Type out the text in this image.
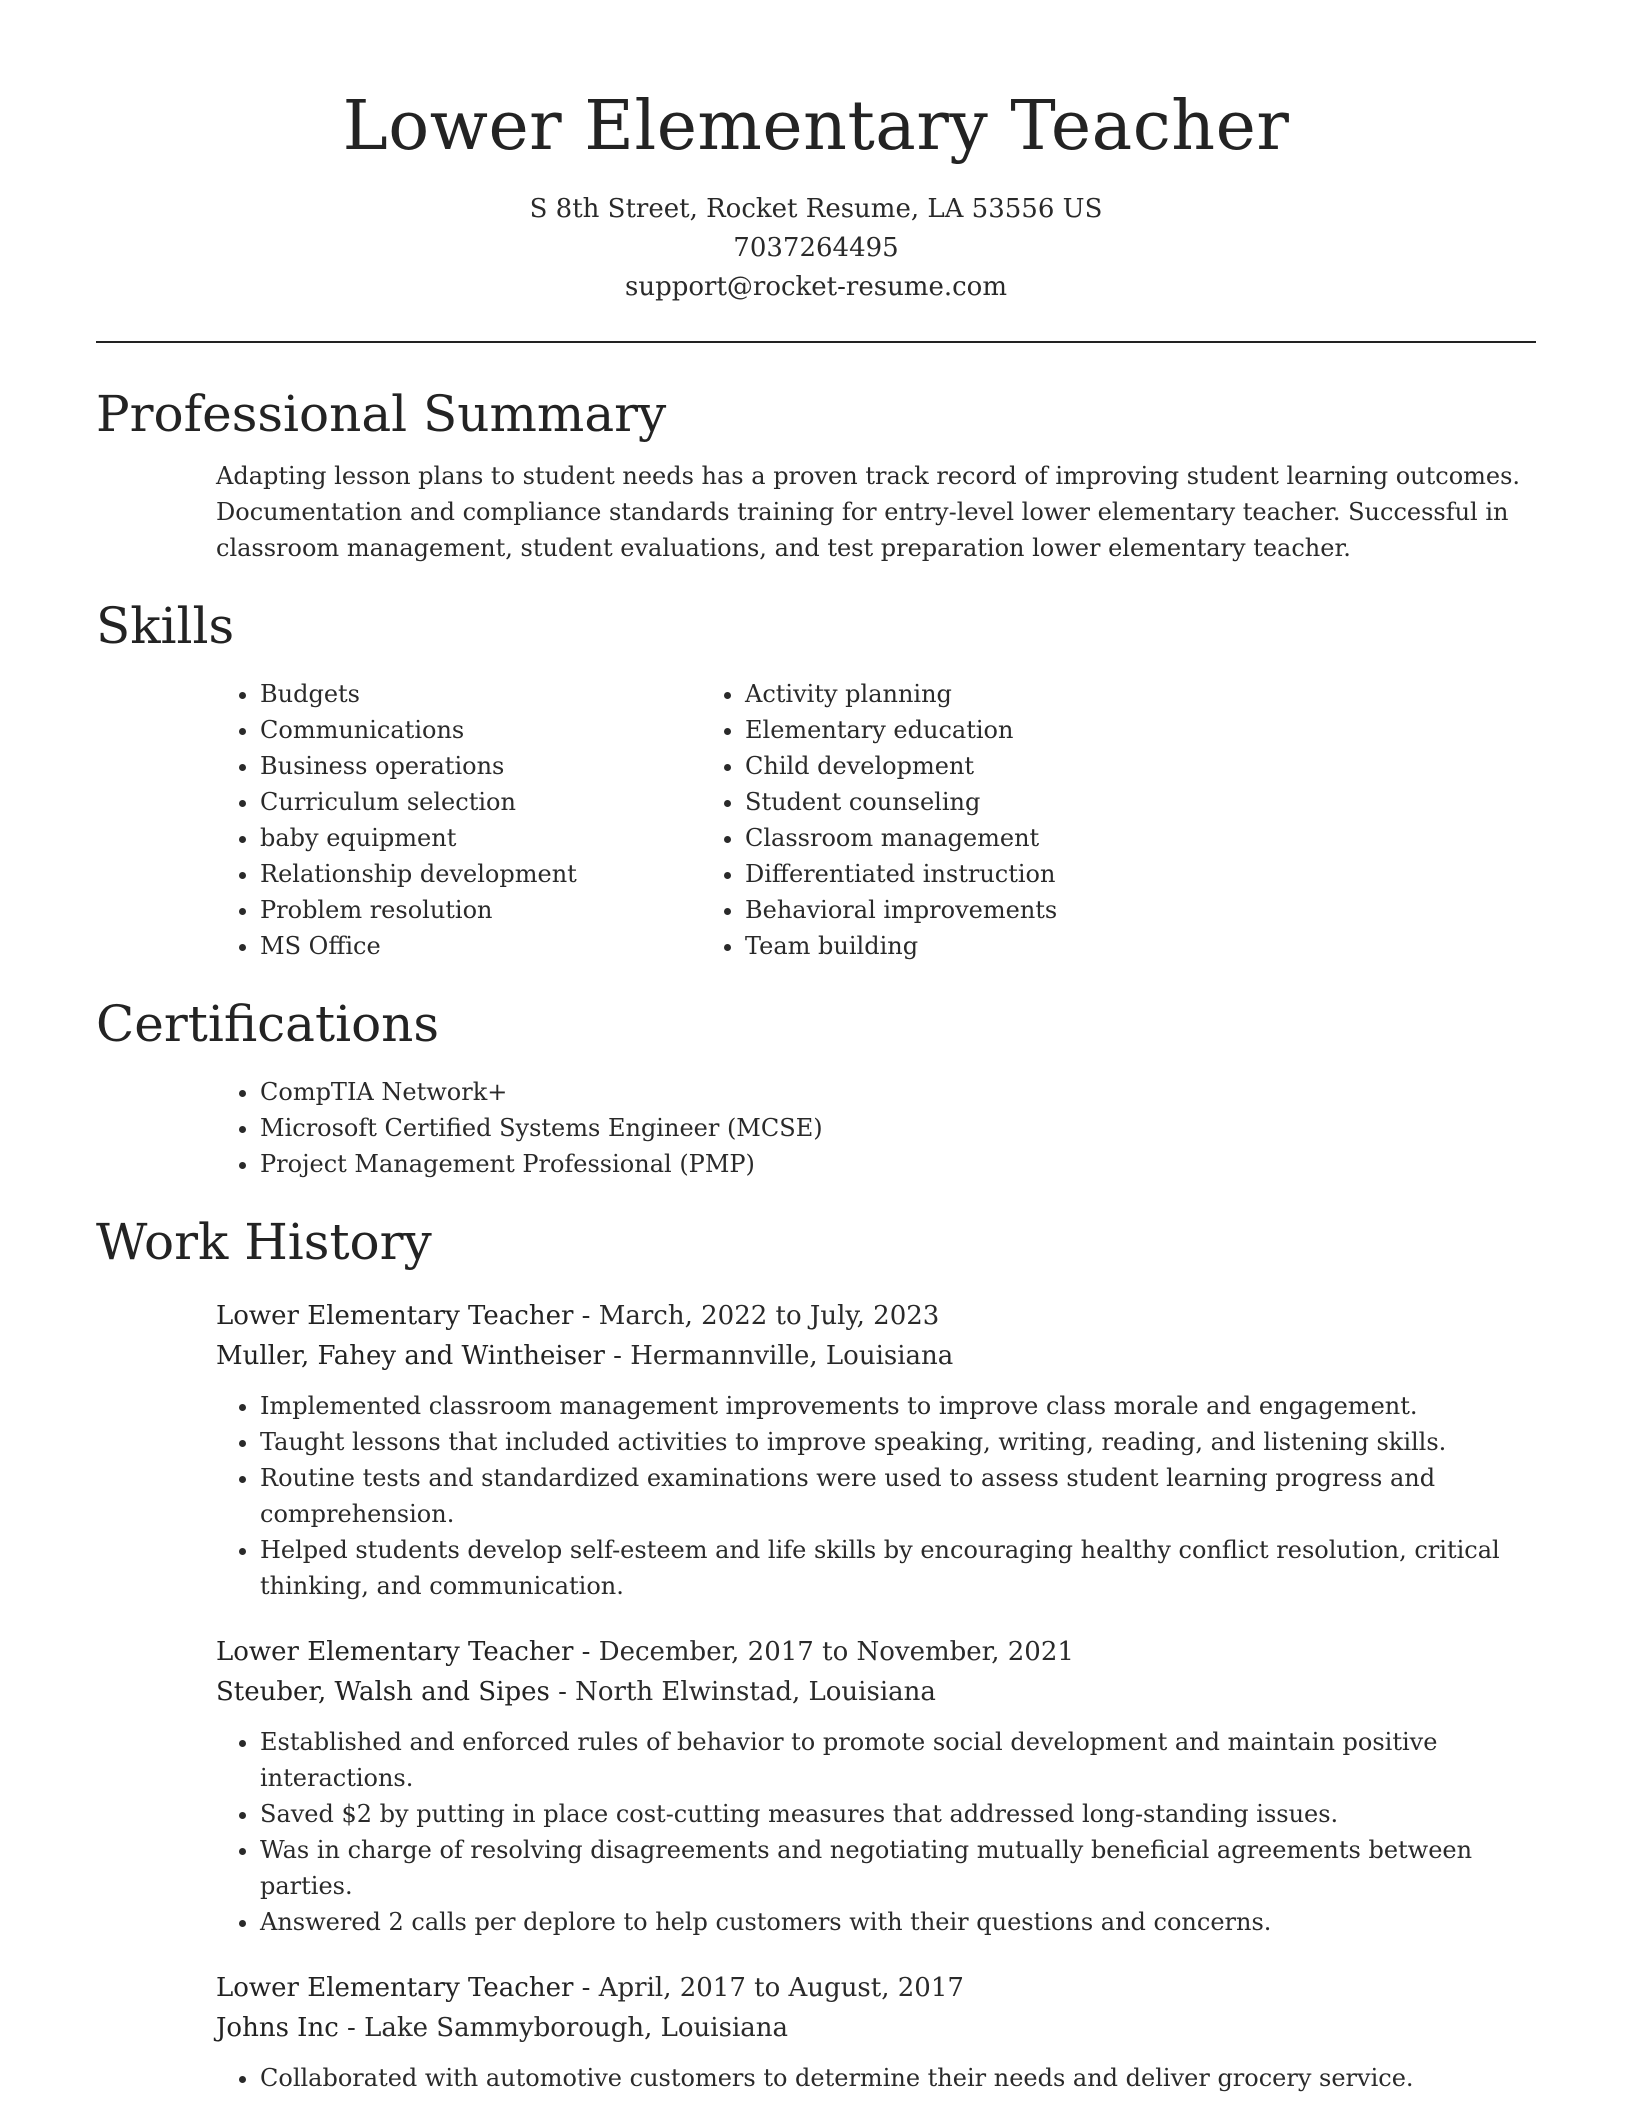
Lower Elementary Teacher
S 8th Street, Rocket Resume, LA 53556 US
7037264495
support@rocket-resume.com
Professional Summary
Adapting lesson plans to student needs has a proven track record of improving student learning outcomes. Documentation and compliance standards training for entry-level lower elementary teacher. Successful in classroom management, student evaluations, and test preparation lower elementary teacher.
Skills
• Budgets
• Communications
• Business operations
• Curriculum selection
• baby equipment
• Relationship development
• Problem resolution
• MS Office
• Activity planning
• Elementary education
• Child development
• Student counseling
• Classroom management
• Differentiated instruction
• Behavioral improvements
• Team building
Certifications
• CompTIA Network+
• Microsoft Certified Systems Engineer (MCSE)
• Project Management Professional (PMP)
Work History
Lower Elementary Teacher - March, 2022 to July, 2023
Muller, Fahey and Wintheiser - Hermannville, Louisiana
• Implemented classroom management improvements to improve class morale and engagement.
• Taught lessons that included activities to improve speaking, writing, reading, and listening skills.
• Routine tests and standardized examinations were used to assess student learning progress and comprehension.
• Helped students develop self-esteem and life skills by encouraging healthy conflict resolution, critical thinking, and communication.
Lower Elementary Teacher - December, 2017 to November, 2021
Steuber, Walsh and Sipes - North Elwinstad, Louisiana
• Established and enforced rules of behavior to promote social development and maintain positive interactions.
• Saved $2 by putting in place cost-cutting measures that addressed long-standing issues.
• Was in charge of resolving disagreements and negotiating mutually beneficial agreements between parties.
• Answered 2 calls per deplore to help customers with their questions and concerns.
Lower Elementary Teacher - April, 2017 to August, 2017
Johns Inc - Lake Sammyborough, Louisiana
• Collaborated with automotive customers to determine their needs and deliver grocery service.
